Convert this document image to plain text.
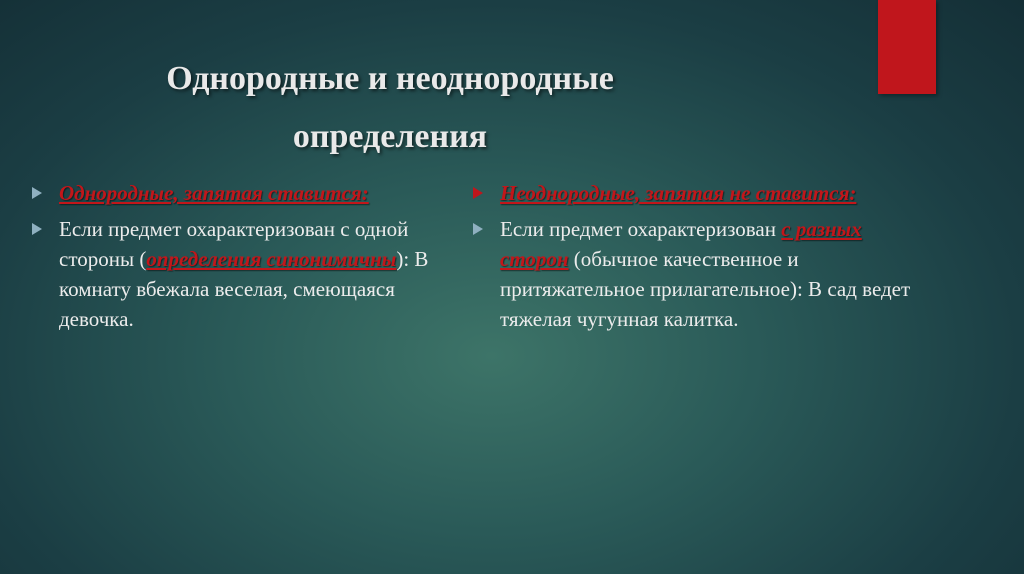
Однородные и неоднородные определения
Однородные, запятая ставится:
Если предмет охарактеризован с одной стороны (определения синонимичны): В комнату вбежала веселая, смеющаяся девочка.
Неоднородные, запятая не ставится:
Если предмет охарактеризован с разных сторон (обычное качественное и притяжательное прилагательное): В сад ведет тяжелая чугунная калитка.
